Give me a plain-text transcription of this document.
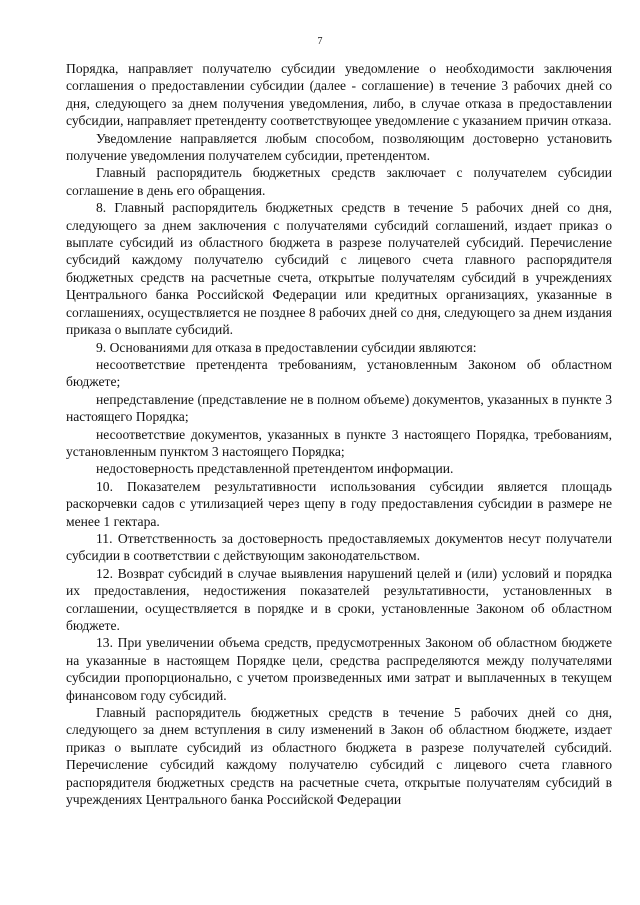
7

Порядка, направляет получателю субсидии уведомление о необходимости заключения соглашения о предоставлении субсидии (далее - соглашение) в течение 3 рабочих дней со дня, следующего за днем получения уведомления, либо, в случае отказа в предоставлении субсидии, направляет претенденту соответствующее уведомление с указанием причин отказа.

Уведомление направляется любым способом, позволяющим достоверно установить получение уведомления получателем субсидии, претендентом.

Главный распорядитель бюджетных средств заключает с получателем субсидии соглашение в день его обращения.

8. Главный распорядитель бюджетных средств в течение 5 рабочих дней со дня, следующего за днем заключения с получателями субсидий соглашений, издает приказ о выплате субсидий из областного бюджета в разрезе получателей субсидий. Перечисление субсидий каждому получателю субсидий с лицевого счета главного распорядителя бюджетных средств на расчетные счета, открытые получателям субсидий в учреждениях Центрального банка Российской Федерации или кредитных организациях, указанные в соглашениях, осуществляется не позднее 8 рабочих дней со дня, следующего за днем издания приказа о выплате субсидий.

9. Основаниями для отказа в предоставлении субсидии являются:

несоответствие претендента требованиям, установленным Законом об областном бюджете;

непредставление (представление не в полном объеме) документов, указанных в пункте 3 настоящего Порядка;

несоответствие документов, указанных в пункте 3 настоящего Порядка, требованиям, установленным пунктом 3 настоящего Порядка;

недостоверность представленной претендентом информации.

10. Показателем результативности использования субсидии является площадь раскорчевки садов с утилизацией через щепу в году предоставления субсидии в размере не менее 1 гектара.

11. Ответственность за достоверность предоставляемых документов несут получатели субсидии в соответствии с действующим законодательством.

12. Возврат субсидий в случае выявления нарушений целей и (или) условий и порядка их предоставления, недостижения показателей результативности, установленных в соглашении, осуществляется в порядке и в сроки, установленные Законом об областном бюджете.

13. При увеличении объема средств, предусмотренных Законом об областном бюджете на указанные в настоящем Порядке цели, средства распределяются между получателями субсидии пропорционально, с учетом произведенных ими затрат и выплаченных в текущем финансовом году субсидий.

Главный распорядитель бюджетных средств в течение 5 рабочих дней со дня, следующего за днем вступления в силу изменений в Закон об областном бюджете, издает приказ о выплате субсидий из областного бюджета в разрезе получателей субсидий. Перечисление субсидий каждому получателю субсидий с лицевого счета главного распорядителя бюджетных средств на расчетные счета, открытые получателям субсидий в учреждениях Центрального банка Российской Федерации
